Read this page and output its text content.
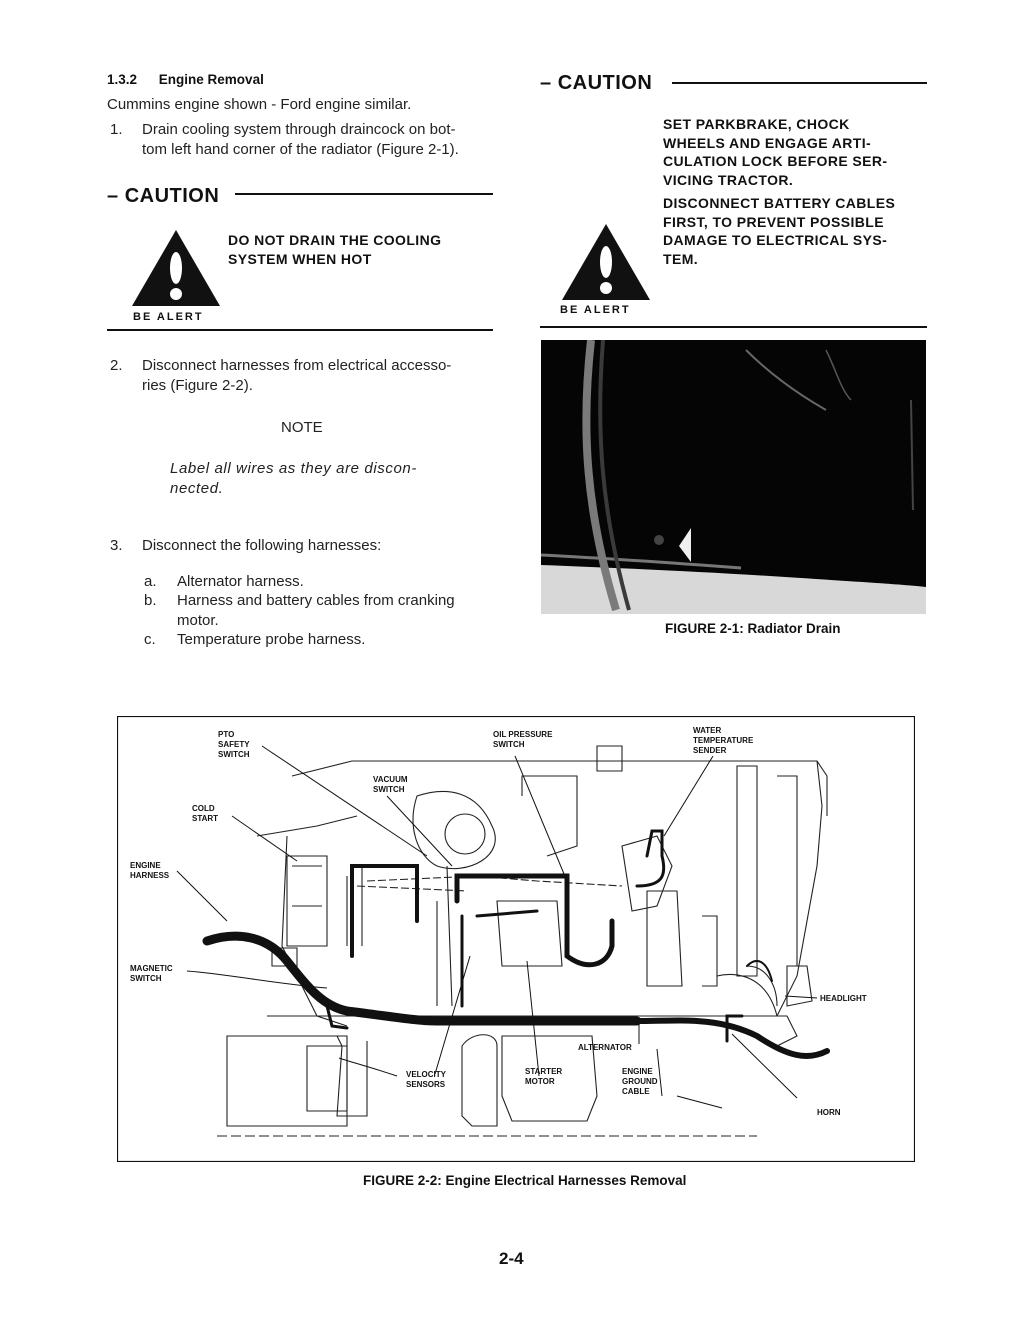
1.3.2 Engine Removal
Cummins engine shown - Ford engine similar.
1. Drain cooling system through draincock on bot-
tom left hand corner of the radiator (Figure 2-1).
– CAUTION
BE ALERT
DO NOT DRAIN THE COOLING
SYSTEM WHEN HOT
2. Disconnect harnesses from electrical accesso-
ries (Figure 2-2).
NOTE
Label all wires as they are discon-
nected.
3. Disconnect the following harnesses:
a. Alternator harness.
b. Harness and battery cables from cranking
motor.
c. Temperature probe harness.
– CAUTION
SET PARKBRAKE, CHOCK
WHEELS AND ENGAGE ARTI-
CULATION LOCK BEFORE SER-
VICING TRACTOR.
DISCONNECT BATTERY CABLES
FIRST, TO PREVENT POSSIBLE
DAMAGE TO ELECTRICAL SYS-
TEM.
BE ALERT
FIGURE 2-1: Radiator Drain
PTO
SAFETY
SWITCH
OIL PRESSURE
SWITCH
WATER
TEMPERATURE
SENDER
VACUUM
SWITCH
COLD
START
ENGINE
HARNESS
MAGNETIC
SWITCH
HEADLIGHT
ALTERNATOR
VELOCITY
SENSORS
STARTER
MOTOR
ENGINE
GROUND
CABLE
HORN
FIGURE 2-2: Engine Electrical Harnesses Removal
2-4
